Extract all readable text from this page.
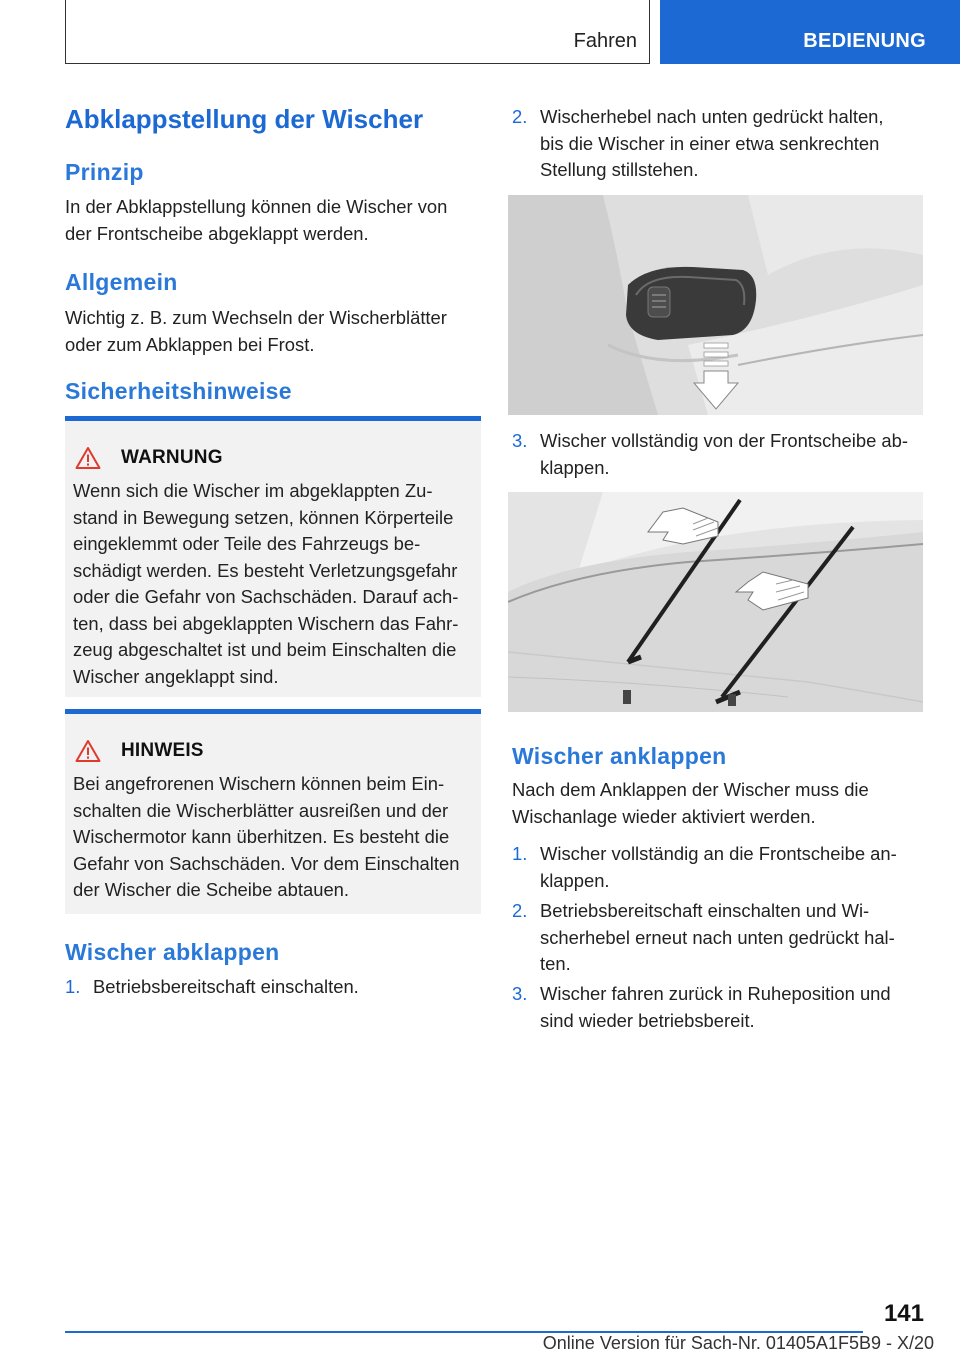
Fahren	BEDIENUNG
Abklappstellung der Wischer
Prinzip
In der Abklappstellung können die Wischer von
der Frontscheibe abgeklappt werden.
Allgemein
Wichtig z. B. zum Wechseln der Wischerblätter
oder zum Abklappen bei Frost.
Sicherheitshinweise
WARNUNG
Wenn sich die Wischer im abgeklappten Zu-
stand in Bewegung setzen, können Körperteile
eingeklemmt oder Teile des Fahrzeugs be-
schädigt werden. Es besteht Verletzungsgefahr
oder die Gefahr von Sachschäden. Darauf ach-
ten, dass bei abgeklappten Wischern das Fahr-
zeug abgeschaltet ist und beim Einschalten die
Wischer angeklappt sind.
HINWEIS
Bei angefrorenen Wischern können beim Ein-
schalten die Wischerblätter ausreißen und der
Wischermotor kann überhitzen. Es besteht die
Gefahr von Sachschäden. Vor dem Einschalten
der Wischer die Scheibe abtauen.
Wischer abklappen
1. Betriebsbereitschaft einschalten.
2. Wischerhebel nach unten gedrückt halten,
bis die Wischer in einer etwa senkrechten
Stellung stillstehen.
3. Wischer vollständig von der Frontscheibe ab-
klappen.
Wischer anklappen
Nach dem Anklappen der Wischer muss die
Wischanlage wieder aktiviert werden.
1. Wischer vollständig an die Frontscheibe an-
klappen.
2. Betriebsbereitschaft einschalten und Wi-
scherhebel erneut nach unten gedrückt hal-
ten.
3. Wischer fahren zurück in Ruheposition und
sind wieder betriebsbereit.
141
Online Version für Sach-Nr. 01405A1F5B9 - X/20
